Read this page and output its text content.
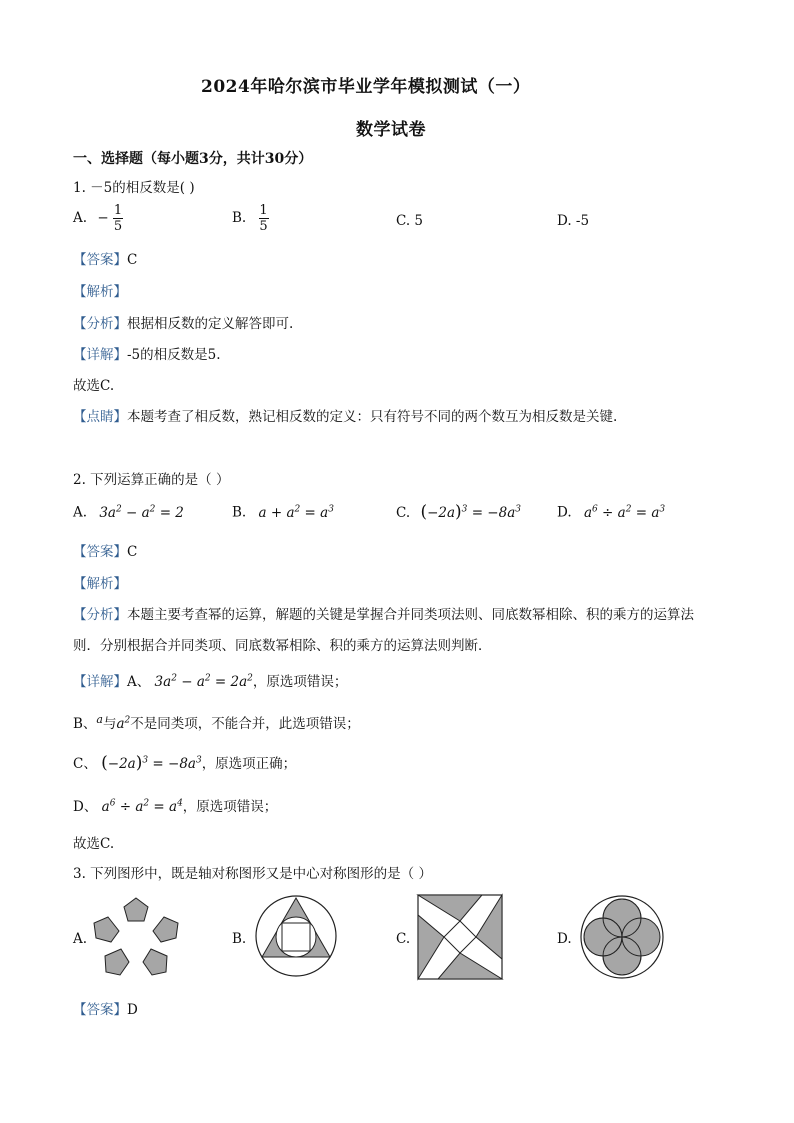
2024年哈尔滨市毕业学年模拟测试（一）
数学试卷
一、选择题（每小题3分，共计30分）
1. －5的相反数是( )
A. − $\frac{1}{5}$	B. $\frac{1}{5}$	C. 5	D. -5
【答案】C
【解析】
【分析】根据相反数的定义解答即可.
【详解】-5的相反数是5.
故选C.
【点睛】本题考查了相反数，熟记相反数的定义：只有符号不同的两个数互为相反数是关键.
2. 下列运算正确的是（ ）
A. $3a^2 - a^2 = 2$	B. $a + a^2 = a^3$	C. $(-2a)^3 = -8a^3$	D. $a^6 \div a^2 = a^3$
【答案】C
【解析】
【分析】本题主要考查幂的运算，解题的关键是掌握合并同类项法则、同底数幂相除、积的乘方的运算法
则．分别根据合并同类项、同底数幂相除、积的乘方的运算法则判断．
【详解】A、 $3a^2 - a^2 = 2a^2$，原选项错误；
B、$^a$与$a^2$不是同类项，不能合并，此选项错误；
C、 $(-2a)^3 = -8a^3$，原选项正确；
D、 $a^6 \div a^2 = a^4$，原选项错误；
故选C.
3. 下列图形中，既是轴对称图形又是中心对称图形的是（ ）
A.	B.	C.	D.
【答案】D
